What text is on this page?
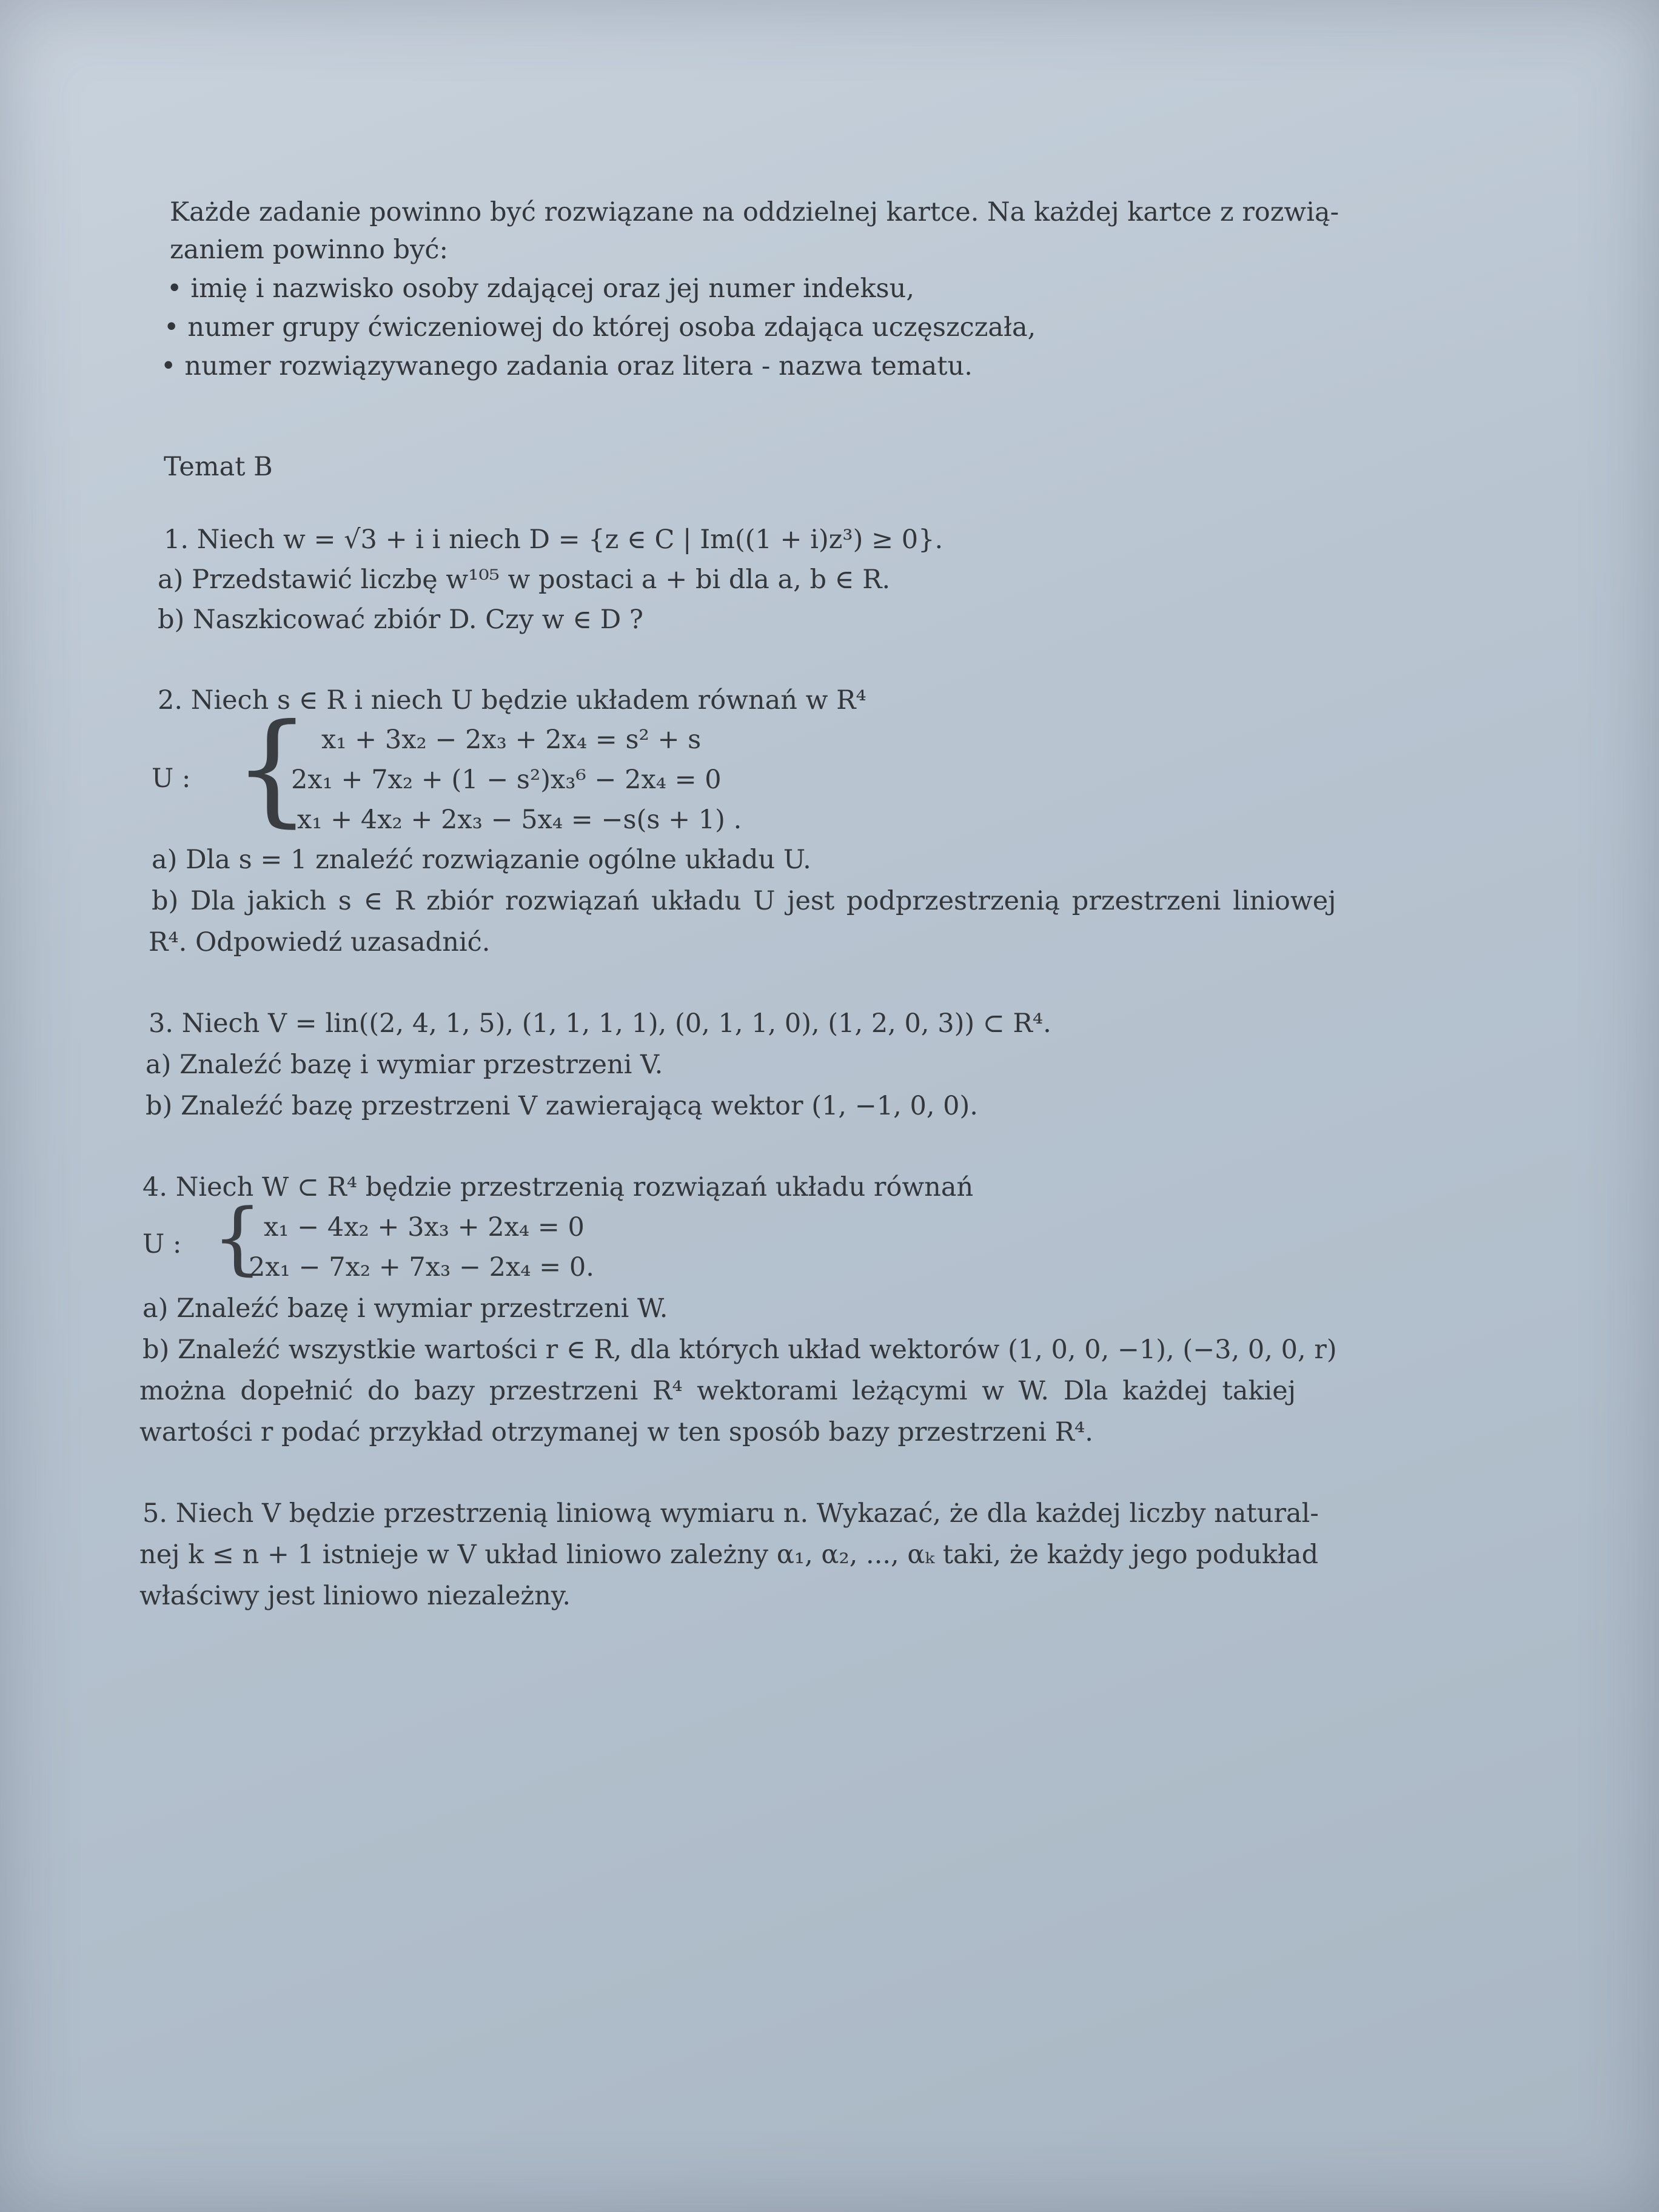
Każde zadanie powinno być rozwiązane na oddzielnej kartce. Na każdej kartce z rozwią-
zaniem powinno być:
• imię i nazwisko osoby zdającej oraz jej numer indeksu,
• numer grupy ćwiczeniowej do której osoba zdająca uczęszczała,
• numer rozwiązywanego zadania oraz litera - nazwa tematu.
Temat B
1. Niech w = √3 + i i niech D = {z ∈ C | Im((1 + i)z³) ≥ 0}.
a) Przedstawić liczbę w¹⁰⁵ w postaci a + bi dla a, b ∈ R.
b) Naszkicować zbiór D. Czy w ∈ D ?
2. Niech s ∈ R i niech U będzie układem równań w R⁴
U : { x₁ + 3x₂ − 2x₃ + 2x₄ = s² + s
2x₁ + 7x₂ + (1 − s²)x₃⁶ − 2x₄ = 0
x₁ + 4x₂ + 2x₃ − 5x₄ = −s(s + 1) .
a) Dla s = 1 znaleźć rozwiązanie ogólne układu U.
b) Dla jakich s ∈ R zbiór rozwiązań układu U jest podprzestrzenią przestrzeni liniowej
R⁴. Odpowiedź uzasadnić.
3. Niech V = lin((2, 4, 1, 5), (1, 1, 1, 1), (0, 1, 1, 0), (1, 2, 0, 3)) ⊂ R⁴.
a) Znaleźć bazę i wymiar przestrzeni V.
b) Znaleźć bazę przestrzeni V zawierającą wektor (1, −1, 0, 0).
4. Niech W ⊂ R⁴ będzie przestrzenią rozwiązań układu równań
U : { x₁ − 4x₂ + 3x₃ + 2x₄ = 0
2x₁ − 7x₂ + 7x₃ − 2x₄ = 0.
a) Znaleźć bazę i wymiar przestrzeni W.
b) Znaleźć wszystkie wartości r ∈ R, dla których układ wektorów (1, 0, 0, −1), (−3, 0, 0, r)
można dopełnić do bazy przestrzeni R⁴ wektorami leżącymi w W. Dla każdej takiej
wartości r podać przykład otrzymanej w ten sposób bazy przestrzeni R⁴.
5. Niech V będzie przestrzenią liniową wymiaru n. Wykazać, że dla każdej liczby natural-
nej k ≤ n + 1 istnieje w V układ liniowo zależny α₁, α₂, ..., αₖ taki, że każdy jego podukład
właściwy jest liniowo niezależny.
